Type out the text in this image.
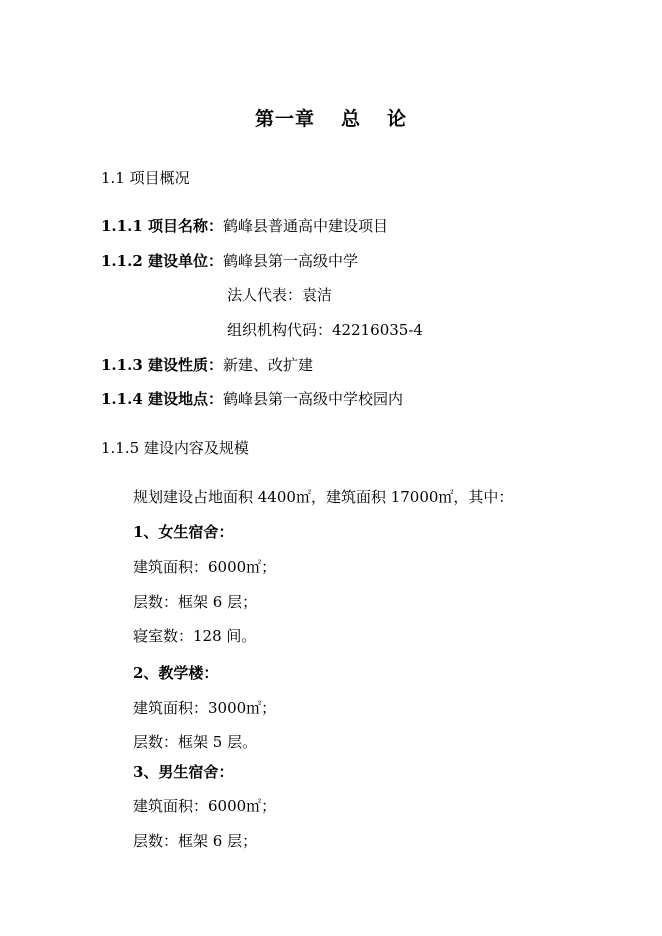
第一章 总 论
1.1 项目概况
1.1.1 项目名称：鹤峰县普通高中建设项目
1.1.2 建设单位：鹤峰县第一高级中学
法人代表：袁洁
组织机构代码：42216035-4
1.1.3 建设性质：新建、改扩建
1.1.4 建设地点：鹤峰县第一高级中学校园内
1.1.5 建设内容及规模
规划建设占地面积 4400㎡，建筑面积 17000㎡，其中：
1、女生宿舍：
建筑面积：6000㎡；
层数：框架 6 层；
寝室数：128 间。
2、教学楼：
建筑面积：3000㎡；
层数：框架 5 层。
3、男生宿舍：
建筑面积：6000㎡；
层数：框架 6 层；
